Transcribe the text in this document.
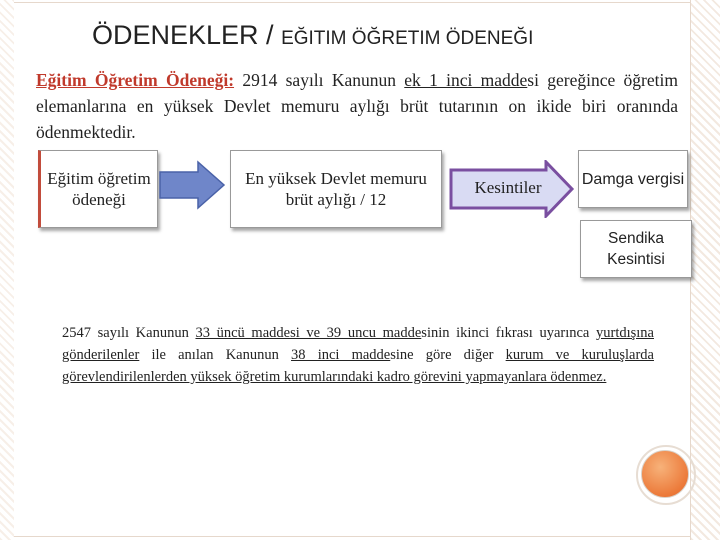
ÖDENEKLER / EĞITIM ÖĞRETIM ÖDENEĞI
Eğitim Öğretim Ödeneği: 2914 sayılı Kanunun ek 1 inci maddesi gereğince öğretim elemanlarına en yüksek Devlet memuru aylığı brüt tutarının on ikide biri oranında ödenmektedir.
Eğitim öğretim ödeneği
En yüksek Devlet memuru brüt aylığı / 12
Kesintiler	Damga vergisi
Sendika Kesintisi
2547 sayılı Kanunun 33 üncü maddesi ve 39 uncu maddesinin ikinci fıkrası uyarınca yurtdışına gönderilenler ile anılan Kanunun 38 inci maddesine göre diğer kurum ve kuruluşlarda görevlendirilenlerden yüksek öğretim kurumlarındaki kadro görevini yapmayanlara ödenmez.
